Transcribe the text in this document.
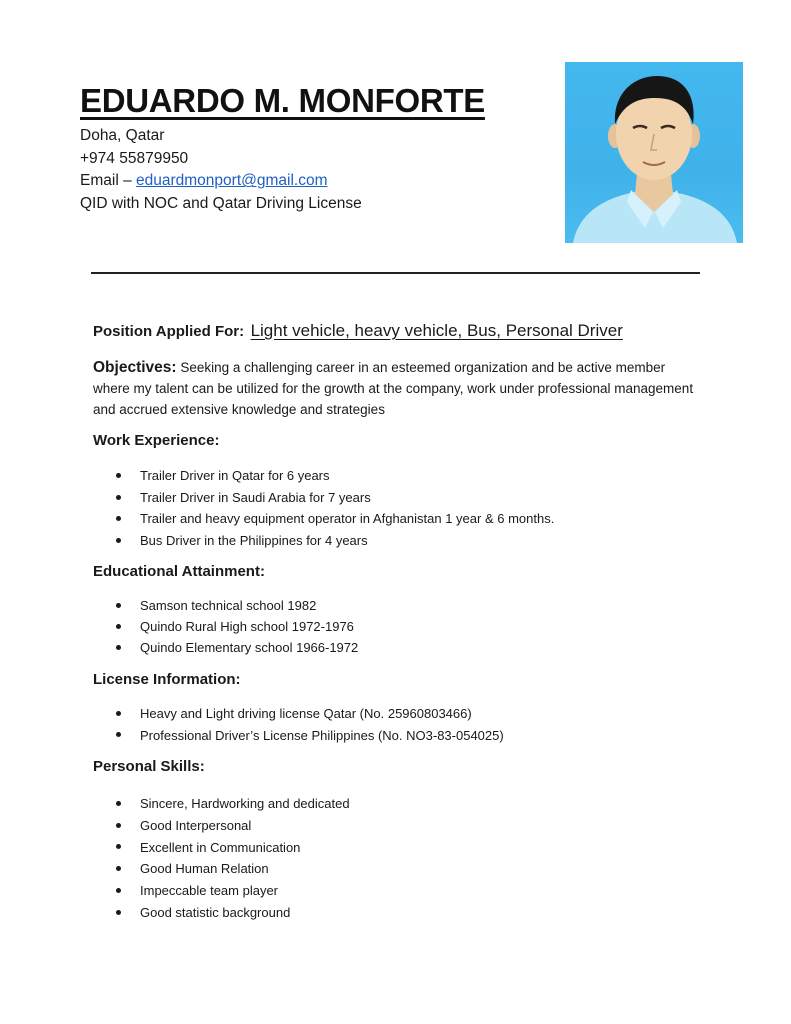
EDUARDO M. MONFORTE
Doha, Qatar
+974 55879950
Email – eduardmonport@gmail.com
QID with NOC and Qatar Driving License
Position Applied For: Light vehicle, heavy vehicle, Bus, Personal Driver

Objectives: Seeking a challenging career in an esteemed organization and be active member where my talent can be utilized for the growth at the company, work under professional management and accrued extensive knowledge and strategies

Work Experience:
Trailer Driver in Qatar for 6 years
Trailer Driver in Saudi Arabia for 7 years
Trailer and heavy equipment operator in Afghanistan 1 year & 6 months.
Bus Driver in the Philippines for 4 years
Educational Attainment:
Samson technical school 1982
Quindo Rural High school 1972-1976
Quindo Elementary school 1966-1972
License Information:
Heavy and Light driving license Qatar (No. 25960803466)
Professional Driver’s License Philippines (No. NO3-83-054025)
Personal Skills:
Sincere, Hardworking and dedicated
Good Interpersonal
Excellent in Communication
Good Human Relation
Impeccable team player
Good statistic background
